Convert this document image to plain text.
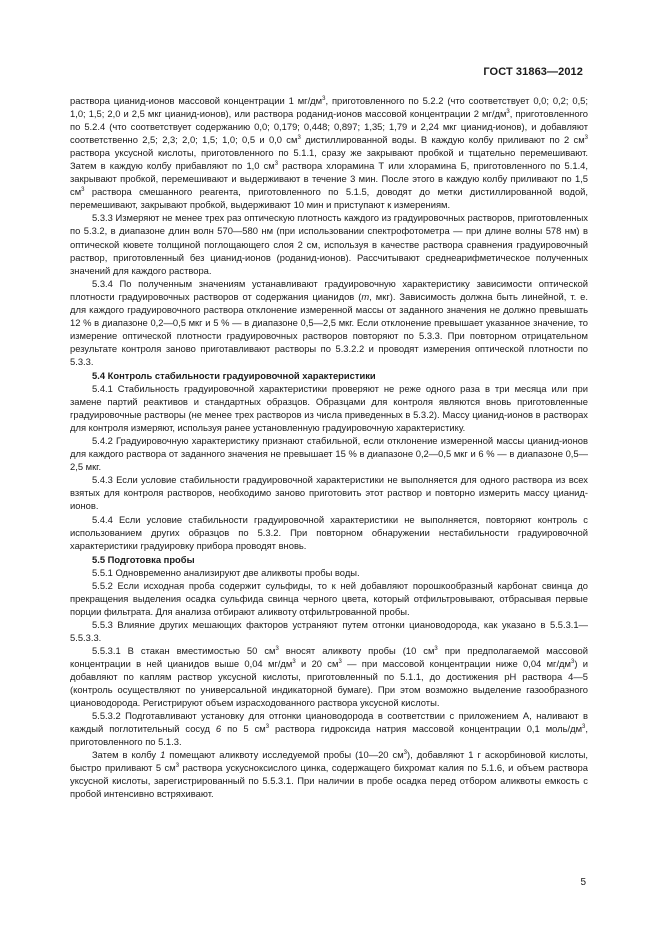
ГОСТ 31863—2012

раствора цианид-ионов массовой концентрации 1 $мг/дм^3$, приготовленного по 5.2.2 (что соответствует 0,0; 0,2; 0,5; 1,0; 1,5; 2,0 и 2,5 мкг цианид-ионов), или раствора роданид-ионов массовой концентрации 2 $мг/дм^3$, приготовленного по 5.2.4 (что соответствует содержанию 0,0; 0,179; 0,448; 0,897; 1,35; 1,79 и 2,24 мкг цианид-ионов), и добавляют соответственно 2,5; 2,3; 2,0; 1,5; 1,0; 0,5 и 0,0 $см^3$ дистиллированной воды. В каждую колбу приливают по 2 $см^3$ раствора уксусной кислоты, приготовленного по 5.1.1, сразу же закрывают пробкой и тщательно перемешивают. Затем в каждую колбу прибавляют по 1,0 $см^3$ раствора хлорамина Т или хлорамина Б, приготовленного по 5.1.4, закрывают пробкой, перемешивают и выдерживают в течение 3 мин. После этого в каждую колбу приливают по 1,5 $см^3$ раствора смешанного реагента, приготовленного по 5.1.5, доводят до метки дистиллированной водой, перемешивают, закрывают пробкой, выдерживают 10 мин и приступают к измерениям.

5.3.3 Измеряют не менее трех раз оптическую плотность каждого из градуировочных растворов, приготовленных по 5.3.2, в диапазоне длин волн 570—580 нм (при использовании спектрофотометра — при длине волны 578 нм) в оптической кювете толщиной поглощающего слоя 2 см, используя в качестве раствора сравнения градуировочный раствор, приготовленный без цианид-ионов (роданид-ионов). Рассчитывают среднеарифметическое полученных значений для каждого раствора.

5.3.4 По полученным значениям устанавливают градуировочную характеристику зависимости оптической плотности градуировочных растворов от содержания цианидов (m, мкг). Зависимость должна быть линейной, т. е. для каждого градуировочного раствора отклонение измеренной массы от заданного значения не должно превышать 12 % в диапазоне 0,2—0,5 мкг и 5 % — в диапазоне 0,5—2,5 мкг. Если отклонение превышает указанное значение, то измерение оптической плотности градуировочных растворов повторяют по 5.3.3. При повторном отрицательном результате контроля заново приготавливают растворы по 5.3.2.2 и проводят измерения оптической плотности по 5.3.3.

5.4 Контроль стабильности градуировочной характеристики

5.4.1 Стабильность градуировочной характеристики проверяют не реже одного раза в три месяца или при замене партий реактивов и стандартных образцов. Образцами для контроля являются вновь приготовленные градуировочные растворы (не менее трех растворов из числа приведенных в 5.3.2). Массу цианид-ионов в растворах для контроля измеряют, используя ранее установленную градуировочную характеристику.

5.4.2 Градуировочную характеристику признают стабильной, если отклонение измеренной массы цианид-ионов для каждого раствора от заданного значения не превышает 15 % в диапазоне 0,2—0,5 мкг и 6 % — в диапазоне 0,5—2,5 мкг.

5.4.3 Если условие стабильности градуировочной характеристики не выполняется для одного раствора из всех взятых для контроля растворов, необходимо заново приготовить этот раствор и повторно измерить массу цианид-ионов.

5.4.4 Если условие стабильности градуировочной характеристики не выполняется, повторяют контроль с использованием других образцов по 5.3.2. При повторном обнаружении нестабильности градуировочной характеристики градуировку прибора проводят вновь.

5.5 Подготовка пробы

5.5.1 Одновременно анализируют две аликвоты пробы воды.

5.5.2 Если исходная проба содержит сульфиды, то к ней добавляют порошкообразный карбонат свинца до прекращения выделения осадка сульфида свинца черного цвета, который отфильтровывают, отбрасывая первые порции фильтрата. Для анализа отбирают аликвоту отфильтрованной пробы.

5.5.3 Влияние других мешающих факторов устраняют путем отгонки циановодорода, как указано в 5.5.3.1—5.5.3.3.

5.5.3.1 В стакан вместимостью 50 $см^3$ вносят аликвоту пробы (10 $см^3$ при предполагаемой массовой концентрации в ней цианидов выше 0,04 $мг/дм^3$ и 20 $см^3$ — при массовой концентрации ниже 0,04 $мг/дм^3$) и добавляют по каплям раствор уксусной кислоты, приготовленный по 5.1.1, до достижения pH раствора 4—5 (контроль осуществляют по универсальной индикаторной бумаге). При этом возможно выделение газообразного циановодорода. Регистрируют объем израсходованного раствора уксусной кислоты.

5.5.3.2 Подготавливают установку для отгонки циановодорода в соответствии с приложением А, наливают в каждый поглотительный сосуд 6 по 5 $см^3$ раствора гидроксида натрия массовой концентрации 0,1 моль/$дм^3$, приготовленного по 5.1.3.

Затем в колбу 1 помещают аликвоту исследуемой пробы (10—20 $см^3$), добавляют 1 г аскорбиновой кислоты, быстро приливают 5 $см^3$ раствора ускусноксислого цинка, содержащего бихромат калия по 5.1.6, и объем раствора уксусной кислоты, зарегистрированный по 5.5.3.1. При наличии в пробе осадка перед отбором аликвоты емкость с пробой интенсивно встряхивают.

5
